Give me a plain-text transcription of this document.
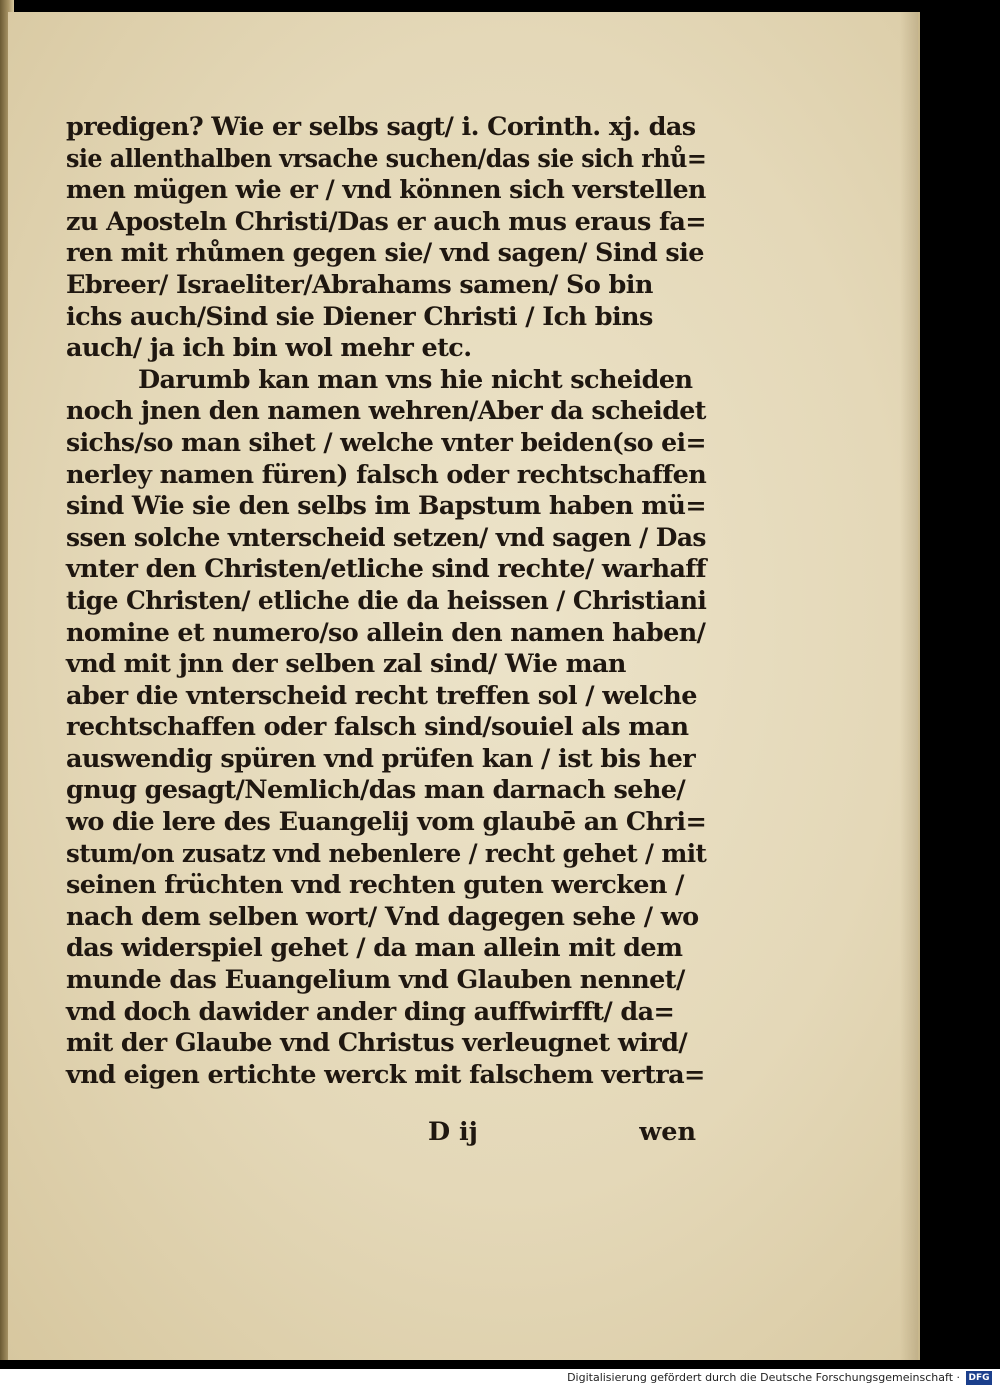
predigen? Wie er selbs sagt/ i. Corinth. xj. das
sie allenthalben vrsache suchen/das sie sich rhů=
men mügen wie er / vnd können sich verstellen
zu Aposteln Christi/Das er auch mus eraus fa=
ren mit rhůmen gegen sie/ vnd sagen/ Sind sie
Ebreer/ Israeliter/Abrahams samen/ So bin
ichs auch/Sind sie Diener Christi / Ich bins
auch/ ja ich bin wol mehr etc.
Darumb kan man vns hie nicht scheiden
noch jnen den namen wehren/Aber da scheidet
sichs/so man sihet / welche vnter beiden(so ei=
nerley namen füren) falsch oder rechtschaffen
sind Wie sie den selbs im Bapstum haben mü=
ssen solche vnterscheid setzen/ vnd sagen / Das
vnter den Christen/etliche sind rechte/ warhaff
tige Christen/ etliche die da heissen / Christiani
nomine et numero/so allein den namen haben/
vnd mit jnn der selben zal sind/ Wie man
aber die vnterscheid recht treffen sol / welche
rechtschaffen oder falsch sind/souiel als man
auswendig spüren vnd prüfen kan / ist bis her
gnug gesagt/Nemlich/das man darnach sehe/
wo die lere des Euangelij vom glaubē an Chri=
stum/on zusatz vnd nebenlere / recht gehet / mit
seinen früchten vnd rechten guten wercken /
nach dem selben wort/ Vnd dagegen sehe / wo
das widerspiel gehet / da man allein mit dem
munde das Euangelium vnd Glauben nennet/
vnd doch dawider ander ding auffwirfft/ da=
mit der Glaube vnd Christus verleugnet wird/
vnd eigen ertichte werck mit falschem vertra=
D ij	wen
Digitalisierung gefördert durch die Deutsche Forschungsgemeinschaft · DFG
